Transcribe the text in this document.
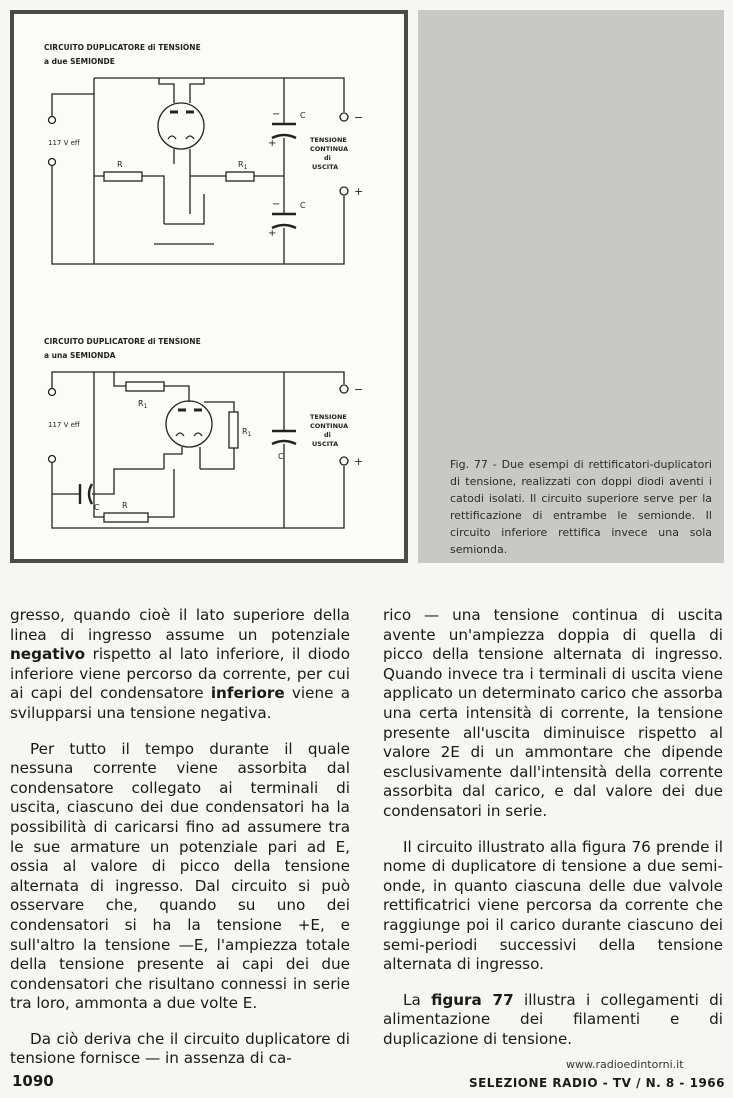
CIRCUITO DUPLICATORE di TENSIONE
a due SEMIONDE
117 V eff
R	$R_1$
C
C
−
+
−
+
−
+
TENSIONE
CONTINUA
di
USCITA
CIRCUITO DUPLICATORE di TENSIONE
a una SEMIONDA
117 V eff
$R_1$
$R_1$
C	R
C
−
+
TENSIONE
CONTINUA
di
USCITA

Fig. 77 - Due esempi di rettificatori-duplicatori di tensione, realizzati con doppi diodi aventi i catodi isolati. Il circuito superiore serve per la rettificazione di entrambe le semionde. Il circuito inferiore rettifica invece una sola semionda.

gresso, quando cioè il lato superiore della linea di ingresso assume un potenziale negativo rispetto al lato inferiore, il diodo inferiore viene percorso da corrente, per cui ai capi del condensatore inferiore viene a svilupparsi una tensione negativa.

Per tutto il tempo durante il quale nessuna corrente viene assorbita dal condensatore collegato ai terminali di uscita, ciascuno dei due condensatori ha la possibilità di caricarsi fino ad assumere tra le sue armature un potenziale pari ad E, ossia al valore di picco della tensione alternata di ingresso. Dal circuito si può osservare che, quando su uno dei condensatori si ha la tensione +E, e sull'altro la tensione —E, l'ampiezza totale della tensione presente ai capi dei due condensatori che risultano connessi in serie tra loro, ammonta a due volte E.

Da ciò deriva che il circuito duplicatore di tensione fornisce — in assenza di ca-

rico — una tensione continua di uscita avente un'ampiezza doppia di quella di picco della tensione alternata di ingresso. Quando invece tra i terminali di uscita viene applicato un determinato carico che assorba una certa intensità di corrente, la tensione presente all'uscita diminuisce rispetto al valore 2E di un ammontare che dipende esclusivamente dall'intensità della corrente assorbita dal carico, e dal valore dei due condensatori in serie.

Il circuito illustrato alla figura 76 prende il nome di duplicatore di tensione a due semi-onde, in quanto ciascuna delle due valvole rettificatrici viene percorsa da corrente che raggiunge poi il carico durante ciascuno dei semi-periodi successivi della tensione alternata di ingresso.

La figura 77 illustra i collegamenti di alimentazione dei filamenti e di duplicazione di tensione.

1090
www.radioedintorni.it
SELEZIONE RADIO - TV / N. 8 - 1966
